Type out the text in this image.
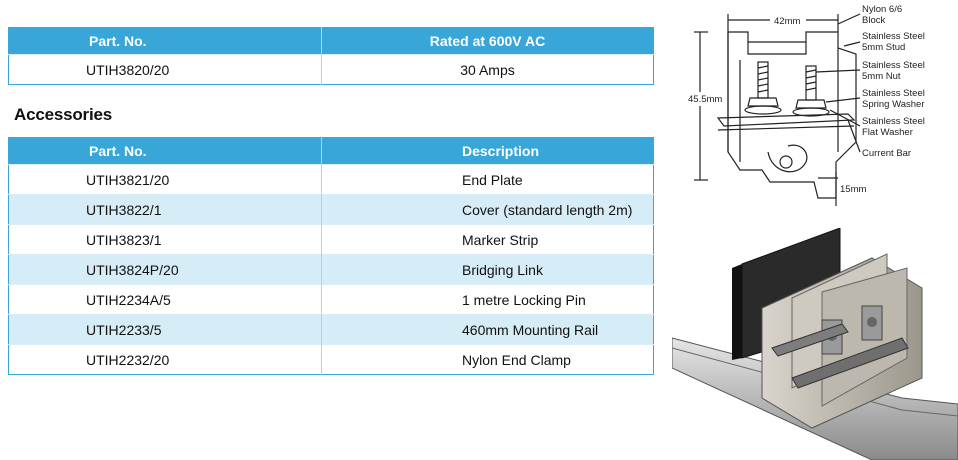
Part. No.	Rated at 600V AC
UTIH3820/20	30 Amps
Accessories
Part. No.	Description
UTIH3821/20	End Plate
UTIH3822/1	Cover (standard length 2m)
UTIH3823/1	Marker Strip
UTIH3824P/20	Bridging Link
UTIH2234A/5	1 metre Locking Pin
UTIH2233/5	460mm Mounting Rail
UTIH2232/20	Nylon End Clamp
42mm
45.5mm
15mm
Nylon 6/6
Block
Stainless Steel
5mm Stud
Stainless Steel
5mm Nut
Stainless Steel
Spring Washer
Stainless Steel
Flat Washer
Current Bar
